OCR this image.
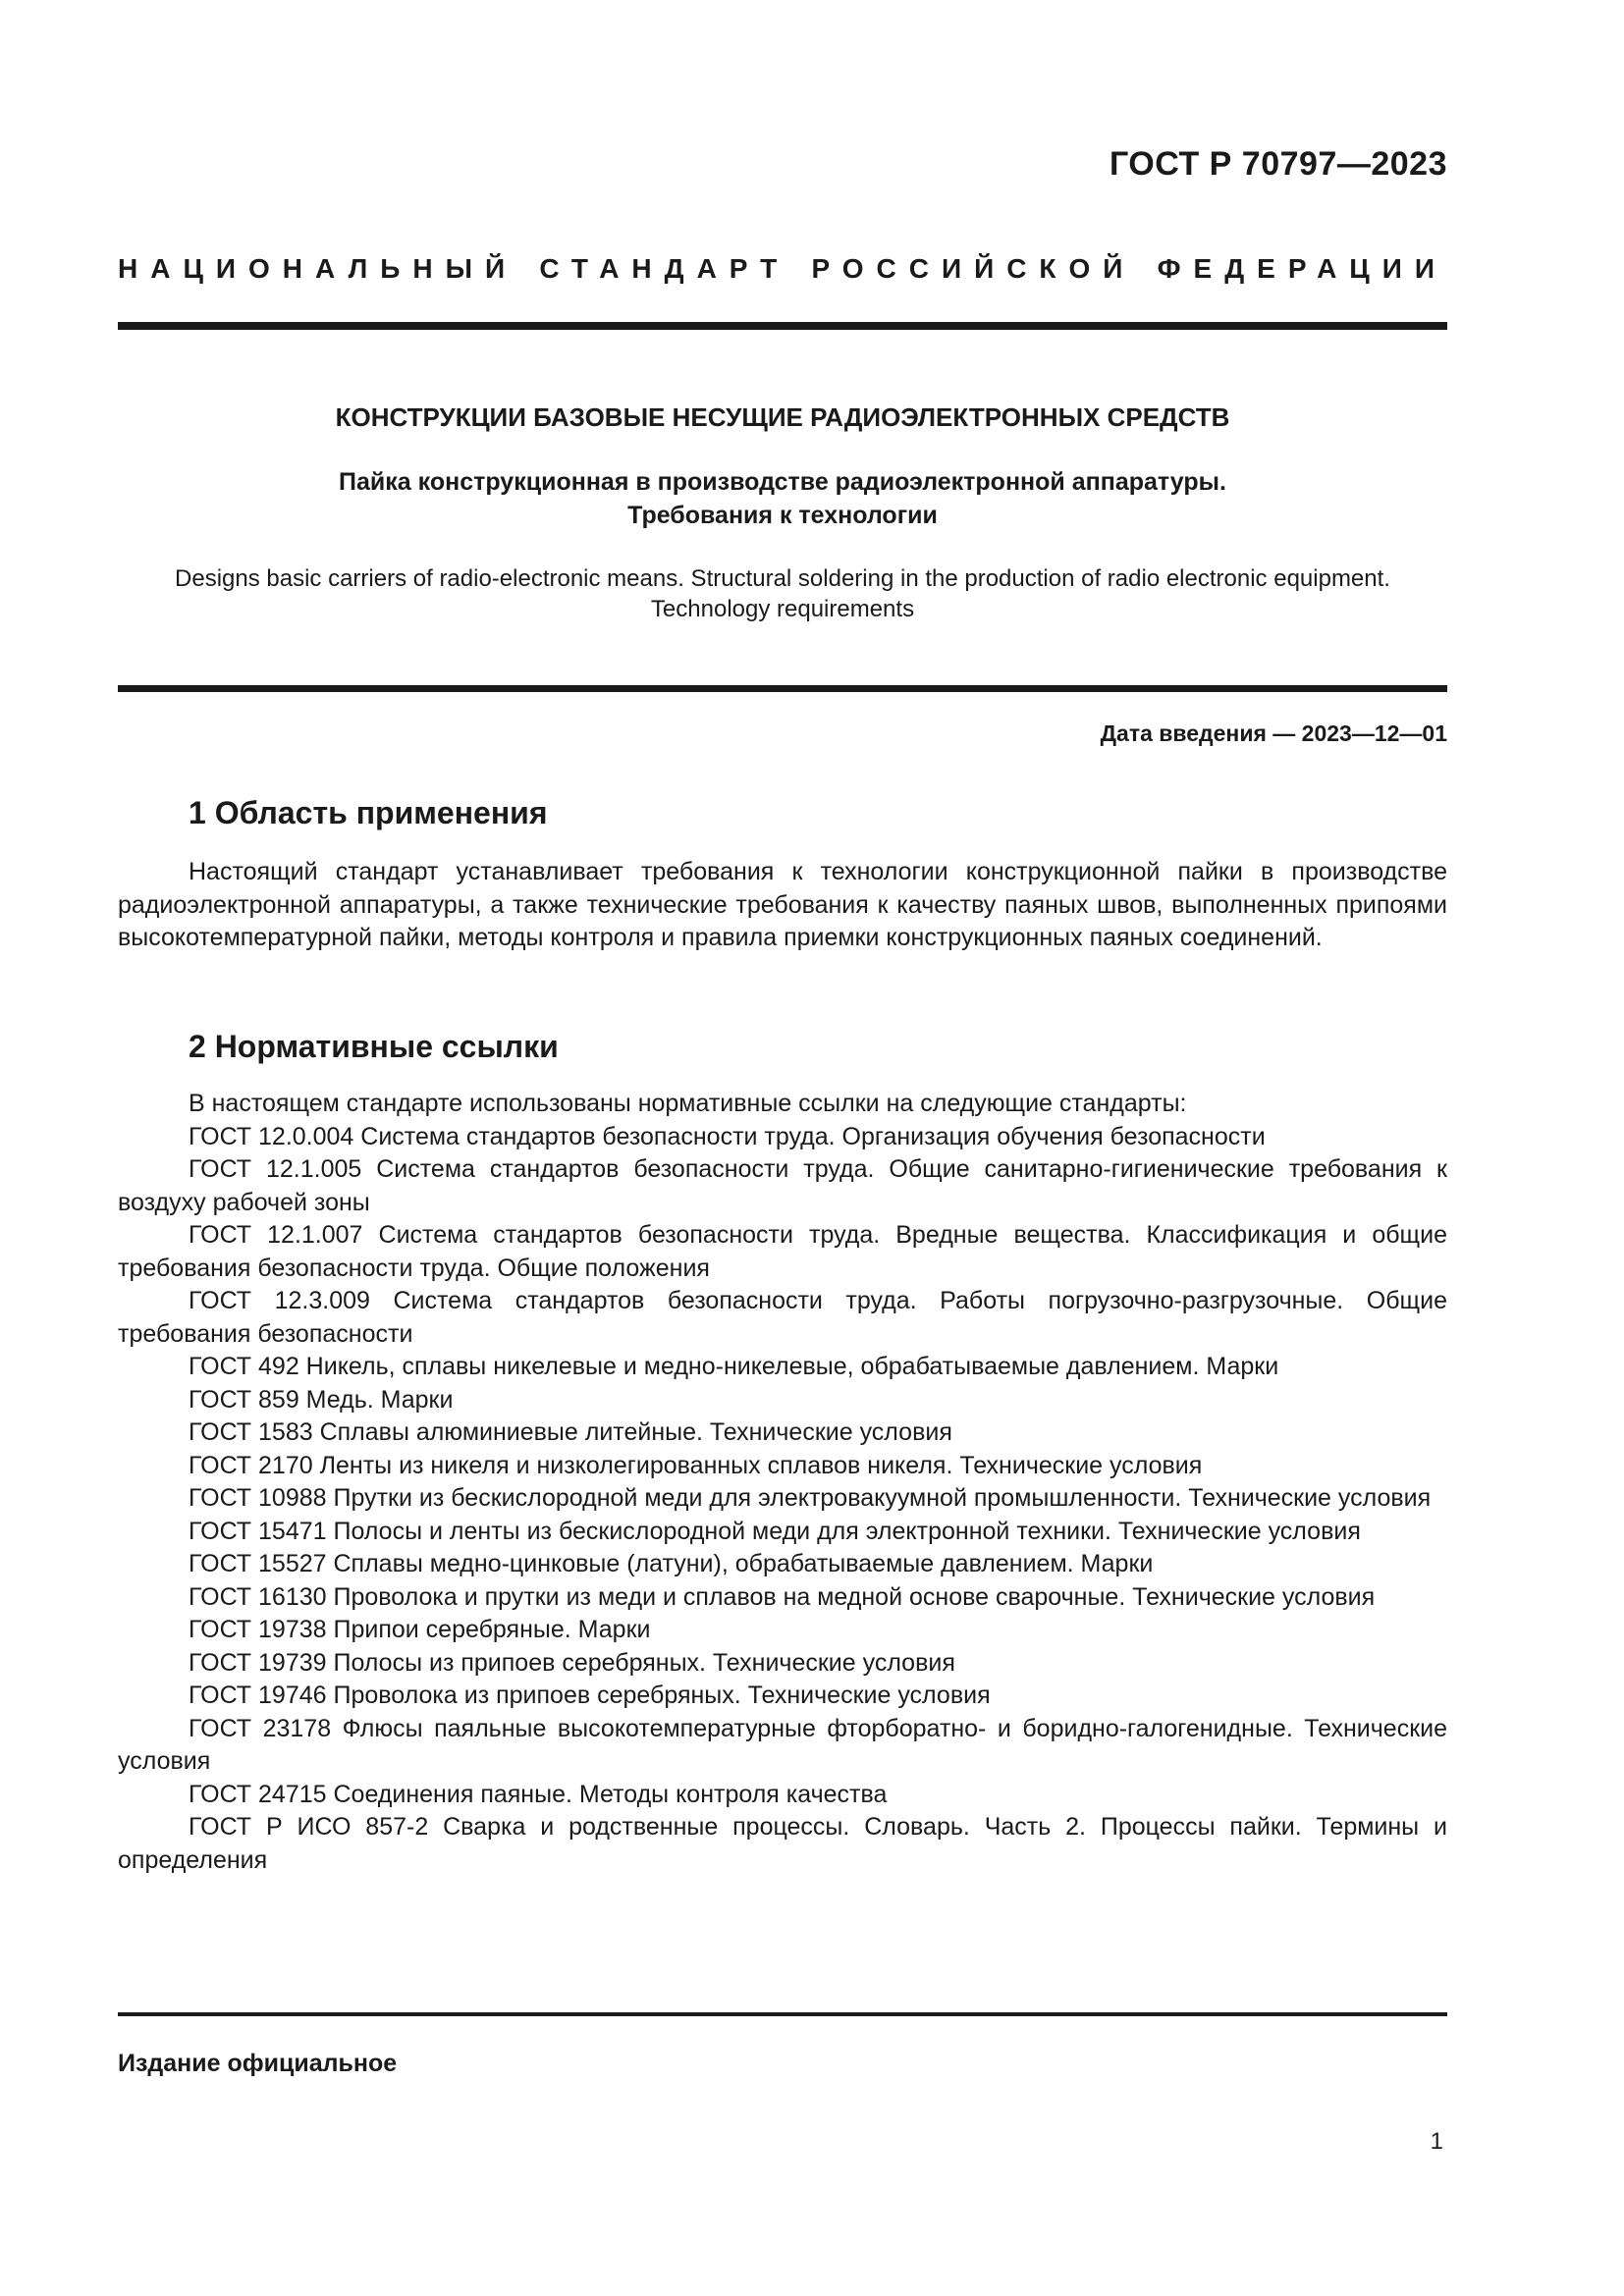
ГОСТ Р 70797—2023
НАЦИОНАЛЬНЫЙ СТАНДАРТ РОССИЙСКОЙ ФЕДЕРАЦИИ
КОНСТРУКЦИИ БАЗОВЫЕ НЕСУЩИЕ РАДИОЭЛЕКТРОННЫХ СРЕДСТВ
Пайка конструкционная в производстве радиоэлектронной аппаратуры.
Требования к технологии
Designs basic carriers of radio-electronic means. Structural soldering in the production of radio electronic equipment.
Technology requirements
Дата введения — 2023—12—01
1 Область применения

Настоящий стандарт устанавливает требования к технологии конструкционной пайки в производстве радиоэлектронной аппаратуры, а также технические требования к качеству паяных швов, выполненных припоями высокотемпературной пайки, методы контроля и правила приемки конструкционных паяных соединений.

2 Нормативные ссылки

В настоящем стандарте использованы нормативные ссылки на следующие стандарты:

ГОСТ 12.0.004 Система стандартов безопасности труда. Организация обучения безопасности

ГОСТ 12.1.005 Система стандартов безопасности труда. Общие санитарно-гигиенические требования к воздуху рабочей зоны

ГОСТ 12.1.007 Система стандартов безопасности труда. Вредные вещества. Классификация и общие требования безопасности труда. Общие положения

ГОСТ 12.3.009 Система стандартов безопасности труда. Работы погрузочно-разгрузочные. Общие требования безопасности

ГОСТ 492 Никель, сплавы никелевые и медно-никелевые, обрабатываемые давлением. Марки

ГОСТ 859 Медь. Марки

ГОСТ 1583 Сплавы алюминиевые литейные. Технические условия

ГОСТ 2170 Ленты из никеля и низколегированных сплавов никеля. Технические условия

ГОСТ 10988 Прутки из бескислородной меди для электровакуумной промышленности. Технические условия

ГОСТ 15471 Полосы и ленты из бескислородной меди для электронной техники. Технические условия

ГОСТ 15527 Сплавы медно-цинковые (латуни), обрабатываемые давлением. Марки

ГОСТ 16130 Проволока и прутки из меди и сплавов на медной основе сварочные. Технические условия

ГОСТ 19738 Припои серебряные. Марки

ГОСТ 19739 Полосы из припоев серебряных. Технические условия

ГОСТ 19746 Проволока из припоев серебряных. Технические условия

ГОСТ 23178 Флюсы паяльные высокотемпературные фторборатно- и боридно-галогенидные. Технические условия

ГОСТ 24715 Соединения паяные. Методы контроля качества

ГОСТ Р ИСО 857-2 Сварка и родственные процессы. Словарь. Часть 2. Процессы пайки. Термины и определения

Издание официальное
1
